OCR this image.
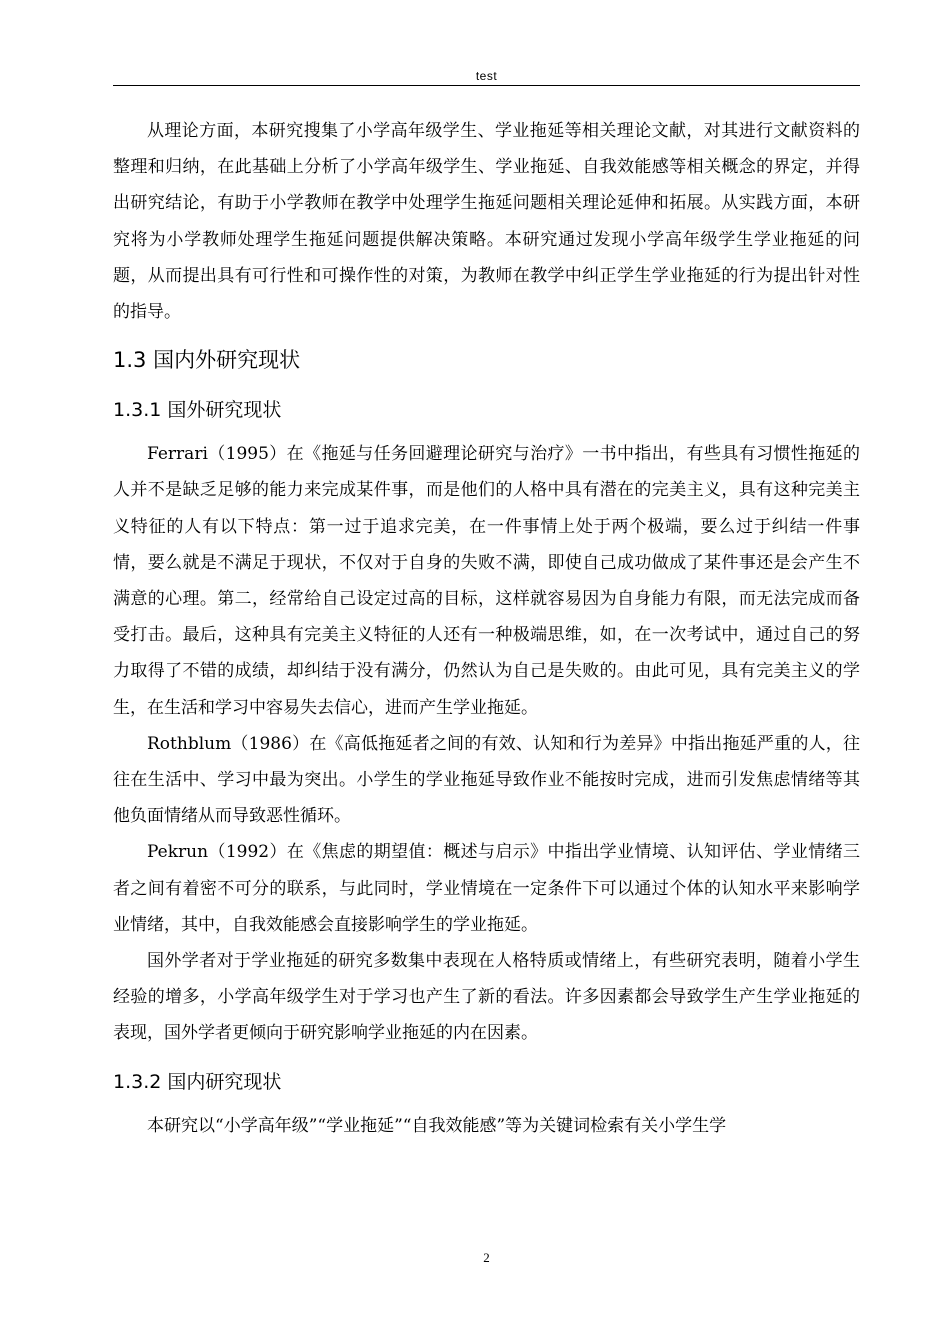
test

从理论方面，本研究搜集了小学高年级学生、学业拖延等相关理论文献，对其进行文献资料的整理和归纳，在此基础上分析了小学高年级学生、学业拖延、自我效能感等相关概念的界定，并得出研究结论，有助于小学教师在教学中处理学生拖延问题相关理论延伸和拓展。从实践方面，本研究将为小学教师处理学生拖延问题提供解决策略。本研究通过发现小学高年级学生学业拖延的问题，从而提出具有可行性和可操作性的对策，为教师在教学中纠正学生学业拖延的行为提出针对性的指导。

1.3 国内外研究现状
1.3.1 国外研究现状

Ferrari（1995）在《拖延与任务回避理论研究与治疗》一书中指出，有些具有习惯性拖延的人并不是缺乏足够的能力来完成某件事，而是他们的人格中具有潜在的完美主义，具有这种完美主义特征的人有以下特点：第一过于追求完美，在一件事情上处于两个极端，要么过于纠结一件事情，要么就是不满足于现状，不仅对于自身的失败不满，即使自己成功做成了某件事还是会产生不满意的心理。第二，经常给自己设定过高的目标，这样就容易因为自身能力有限，而无法完成而备受打击。最后，这种具有完美主义特征的人还有一种极端思维，如，在一次考试中，通过自己的努力取得了不错的成绩，却纠结于没有满分，仍然认为自己是失败的。由此可见，具有完美主义的学生，在生活和学习中容易失去信心，进而产生学业拖延。

Rothblum（1986）在《高低拖延者之间的有效、认知和行为差异》中指出拖延严重的人，往往在生活中、学习中最为突出。小学生的学业拖延导致作业不能按时完成，进而引发焦虑情绪等其他负面情绪从而导致恶性循环。

Pekrun（1992）在《焦虑的期望值：概述与启示》中指出学业情境、认知评估、学业情绪三者之间有着密不可分的联系，与此同时，学业情境在一定条件下可以通过个体的认知水平来影响学业情绪，其中，自我效能感会直接影响学生的学业拖延。

国外学者对于学业拖延的研究多数集中表现在人格特质或情绪上，有些研究表明，随着小学生经验的增多，小学高年级学生对于学习也产生了新的看法。许多因素都会导致学生产生学业拖延的表现，国外学者更倾向于研究影响学业拖延的内在因素。

1.3.2 国内研究现状

本研究以“小学高年级”“学业拖延”“自我效能感”等为关键词检索有关小学生学

2
